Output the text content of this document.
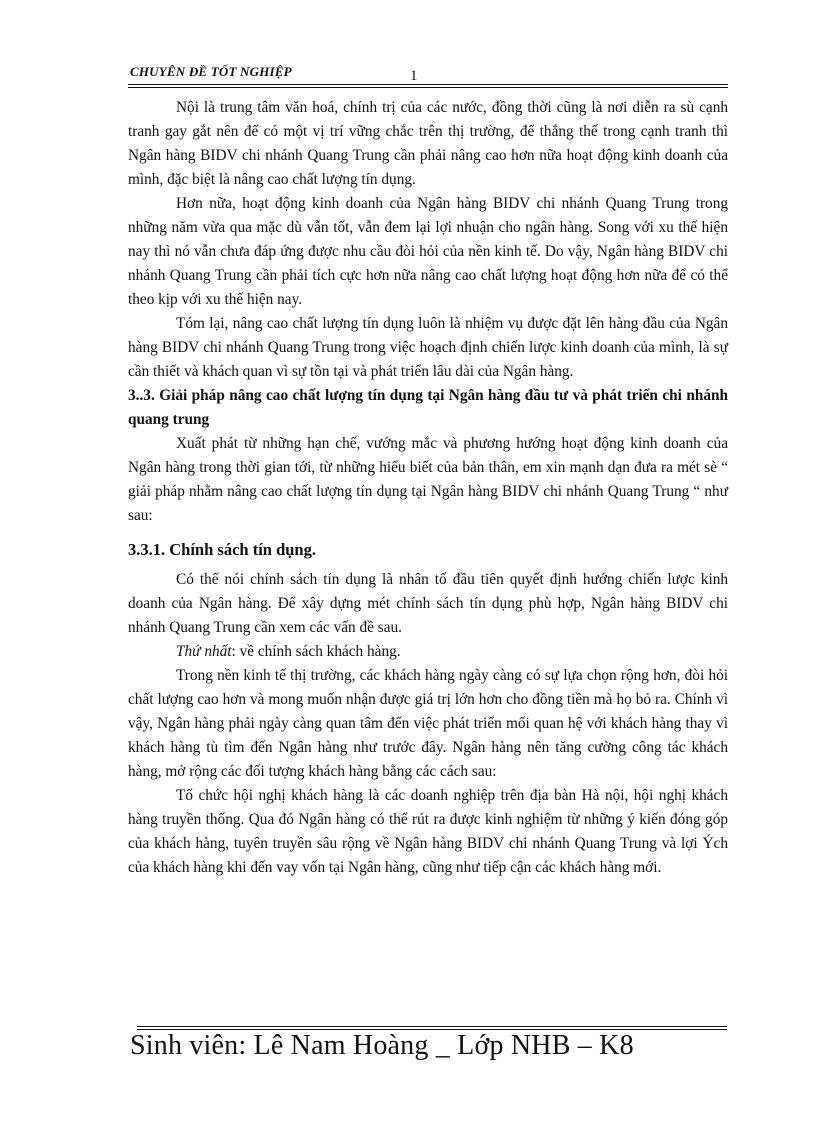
CHUYÊN ĐỀ TỐT NGHIỆP	1

Nội là trung tâm văn hoá, chính trị của các nước, đồng thời cũng là nơi diễn ra sù cạnh tranh gay gắt nên để có một vị trí vững chắc trên thị trường, để thắng thế trong cạnh tranh thì Ngân hàng BIDV chi nhánh Quang Trung cần phải nâng cao hơn nữa hoạt động kinh doanh của mình, đặc biệt là nâng cao chất lượng tín dụng.

Hơn nữa, hoạt động kinh doanh của Ngân hàng BIDV chi nhánh Quang Trung trong những năm vừa qua mặc dù vẫn tốt, vẫn đem lại lợi nhuận cho ngân hàng. Song với xu thế hiện nay thì nó vẫn chưa đáp ứng được nhu cầu đòi hỏi của nền kinh tế. Do vậy, Ngân hàng BIDV chi nhánh Quang Trung cần phải tích cực hơn nữa nâng cao chất lượng hoạt động hơn nữa để có thể theo kịp với xu thế hiện nay.

Tóm lại, nâng cao chất lượng tín dụng luôn là nhiệm vụ được đặt lên hàng đầu của Ngân hàng BIDV chi nhánh Quang Trung trong việc hoạch định chiến lược kinh doanh của mình, là sự cần thiết và khách quan vì sự tồn tại và phát triển lâu dài của Ngân hàng.

3..3. Giải pháp nâng cao chất lượng tín dụng tại Ngân hàng đầu tư và phát triển chi nhánh quang trung

Xuất phát từ những hạn chế, vướng mắc và phương hướng hoạt động kinh doanh của Ngân hàng trong thời gian tới, từ những hiểu biết của bản thân, em xin mạnh dạn đưa ra mét sè “ giải pháp nhằm nâng cao chất lượng tín dụng tại Ngân hàng BIDV chi nhánh Quang Trung “ như sau:

3.3.1. Chính sách tín dụng.

Có thể nói chính sách tín dụng là nhân tố đầu tiên quyết định hướng chiến lược kinh doanh của Ngân hàng. Để xây dựng mét chính sách tín dụng phù hợp, Ngân hàng BIDV chi nhánh Quang Trung cần xem các vấn đề sau.

Thứ nhất: về chính sách khách hàng.

Trong nền kinh tế thị trường, các khách hàng ngày càng có sự lựa chọn rộng hơn, đòi hỏi chất lượng cao hơn và mong muốn nhận được giá trị lớn hơn cho đồng tiền mà họ bỏ ra. Chính vì vậy, Ngân hàng phải ngày càng quan tâm đến việc phát triển mối quan hệ với khách hàng thay vì khách hàng tù tìm đến Ngân hàng như trước đây. Ngân hàng nên tăng cường công tác khách hàng, mở rộng các đối tượng khách hàng bằng các cách sau:

Tổ chức hội nghị khách hàng là các doanh nghiệp trên địa bàn Hà nội, hội nghị khách hàng truyền thống. Qua đó Ngân hàng có thể rút ra được kinh nghiệm từ những ý kiến đóng góp của khách hàng, tuyên truyền sâu rộng về Ngân hàng BIDV chi nhánh Quang Trung và lợi Ých của khách hàng khi đến vay vốn tại Ngân hàng, cũng như tiếp cận các khách hàng mới.

Sinh viên: Lê Nam Hoàng _ Lớp NHB – K8
